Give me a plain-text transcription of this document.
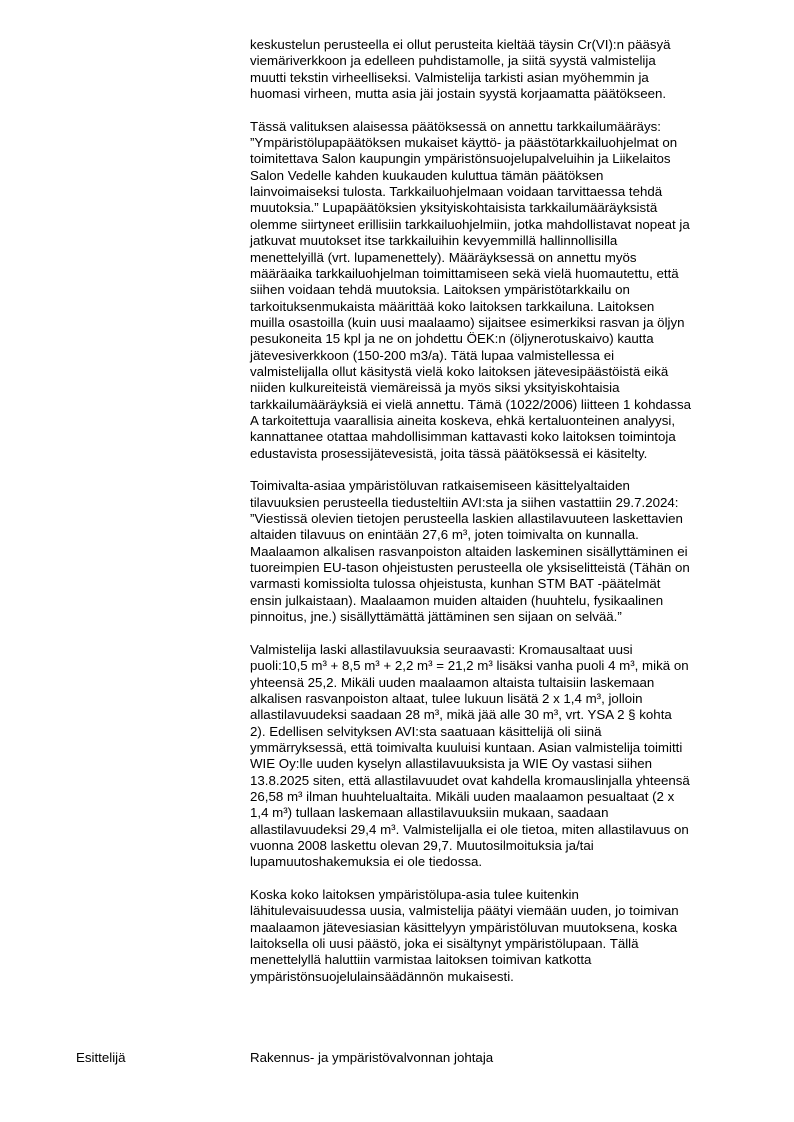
keskustelun perusteella ei ollut perusteita kieltää täysin Cr(VI):n pääsyä
viemäriverkkoon ja edelleen puhdistamolle, ja siitä syystä valmistelija
muutti tekstin virheelliseksi. Valmistelija tarkisti asian myöhemmin ja
huomasi virheen, mutta asia jäi jostain syystä korjaamatta päätökseen.
Tässä valituksen alaisessa päätöksessä on annettu tarkkailumääräys:
”Ympäristölupapäätöksen mukaiset käyttö- ja päästötarkkailuohjelmat on
toimitettava Salon kaupungin ympäristönsuojelupalveluihin ja Liikelaitos
Salon Vedelle kahden kuukauden kuluttua tämän päätöksen
lainvoimaiseksi tulosta. Tarkkailuohjelmaan voidaan tarvittaessa tehdä
muutoksia.” Lupapäätöksien yksityiskohtaisista tarkkailumääräyksistä
olemme siirtyneet erillisiin tarkkailuohjelmiin, jotka mahdollistavat nopeat ja
jatkuvat muutokset itse tarkkailuihin kevyemmillä hallinnollisilla
menettelyillä (vrt. lupamenettely). Määräyksessä on annettu myös
määräaika tarkkailuohjelman toimittamiseen sekä vielä huomautettu, että
siihen voidaan tehdä muutoksia. Laitoksen ympäristötarkkailu on
tarkoituksenmukaista määrittää koko laitoksen tarkkailuna. Laitoksen
muilla osastoilla (kuin uusi maalaamo) sijaitsee esimerkiksi rasvan ja öljyn
pesukoneita 15 kpl ja ne on johdettu ÖEK:n (öljynerotuskaivo) kautta
jätevesiverkkoon (150-200 m3/a). Tätä lupaa valmistellessa ei
valmistelijalla ollut käsitystä vielä koko laitoksen jätevesipäästöistä eikä
niiden kulkureiteistä viemäreissä ja myös siksi yksityiskohtaisia
tarkkailumääräyksiä ei vielä annettu. Tämä (1022/2006) liitteen 1 kohdassa
A tarkoitettuja vaarallisia aineita koskeva, ehkä kertaluonteinen analyysi,
kannattanee otattaa mahdollisimman kattavasti koko laitoksen toimintoja
edustavista prosessijätevesistä, joita tässä päätöksessä ei käsitelty.
Toimivalta-asiaa ympäristöluvan ratkaisemiseen käsittelyaltaiden
tilavuuksien perusteella tiedusteltiin AVI:sta ja siihen vastattiin 29.7.2024:
”Viestissä olevien tietojen perusteella laskien allastilavuuteen laskettavien
altaiden tilavuus on enintään 27,6 m³, joten toimivalta on kunnalla.
Maalaamon alkalisen rasvanpoiston altaiden laskeminen sisällyttäminen ei
tuoreimpien EU-tason ohjeistusten perusteella ole yksiselitteistä (Tähän on
varmasti komissiolta tulossa ohjeistusta, kunhan STM BAT -päätelmät
ensin julkaistaan). Maalaamon muiden altaiden (huuhtelu, fysikaalinen
pinnoitus, jne.) sisällyttämättä jättäminen sen sijaan on selvää.”
Valmistelija laski allastilavuuksia seuraavasti: Kromausaltaat uusi
puoli:10,5 m³ + 8,5 m³ + 2,2 m³ = 21,2 m³ lisäksi vanha puoli 4 m³, mikä on
yhteensä 25,2. Mikäli uuden maalaamon altaista tultaisiin laskemaan
alkalisen rasvanpoiston altaat, tulee lukuun lisätä 2 x 1,4 m³, jolloin
allastilavuudeksi saadaan 28 m³, mikä jää alle 30 m³, vrt. YSA 2 § kohta
2). Edellisen selvityksen AVI:sta saatuaan käsittelijä oli siinä
ymmärryksessä, että toimivalta kuuluisi kuntaan. Asian valmistelija toimitti
WIE Oy:lle uuden kyselyn allastilavuuksista ja WIE Oy vastasi siihen
13.8.2025 siten, että allastilavuudet ovat kahdella kromauslinjalla yhteensä
26,58 m³ ilman huuhtelualtaita. Mikäli uuden maalaamon pesualtaat (2 x
1,4 m³) tullaan laskemaan allastilavuuksiin mukaan, saadaan
allastilavuudeksi 29,4 m³. Valmistelijalla ei ole tietoa, miten allastilavuus on
vuonna 2008 laskettu olevan 29,7. Muutosilmoituksia ja/tai
lupamuutoshakemuksia ei ole tiedossa.
Koska koko laitoksen ympäristölupa-asia tulee kuitenkin
lähitulevaisuudessa uusia, valmistelija päätyi viemään uuden, jo toimivan
maalaamon jätevesiasian käsittelyyn ympäristöluvan muutoksena, koska
laitoksella oli uusi päästö, joka ei sisältynyt ympäristölupaan. Tällä
menettelyllä haluttiin varmistaa laitoksen toimivan katkotta
ympäristönsuojelulainsäädännön mukaisesti.
Esittelijä	Rakennus- ja ympäristövalvonnan johtaja
